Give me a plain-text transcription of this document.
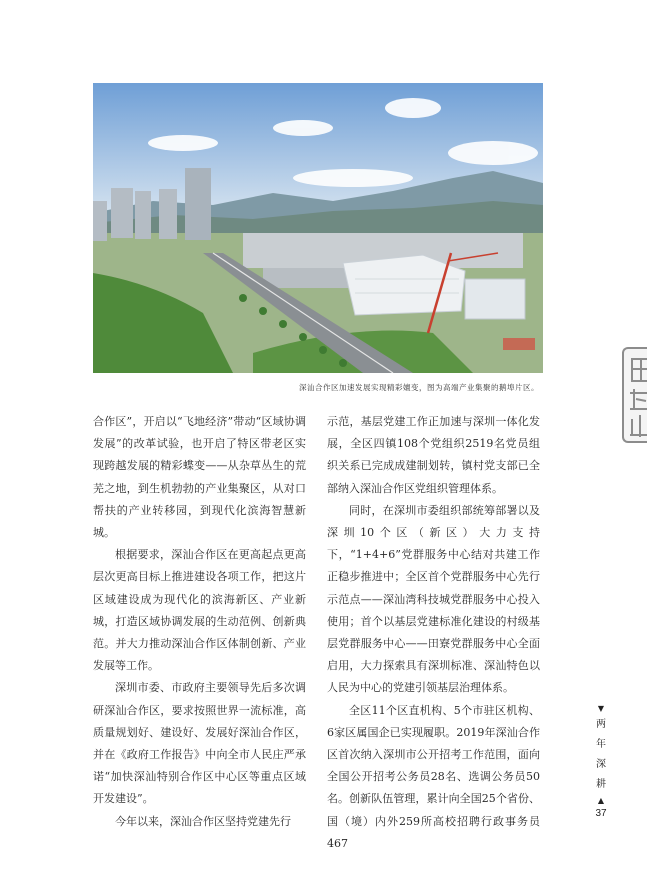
深汕合作区加速发展实现精彩嬗变，图为高端产业集聚的鹅埠片区。

合作区”，开启以“飞地经济”带动“区域协调发展”的改革试验，也开启了特区带老区实现跨越发展的精彩蝶变——从杂草丛生的荒芜之地，到生机勃勃的产业集聚区，从对口帮扶的产业转移园，到现代化滨海智慧新城。

根据要求，深汕合作区在更高起点更高层次更高目标上推进建设各项工作，把这片区域建设成为现代化的滨海新区、产业新城，打造区域协调发展的生动范例、创新典范。并大力推动深汕合作区体制创新、产业发展等工作。

深圳市委、市政府主要领导先后多次调研深汕合作区，要求按照世界一流标准，高质量规划好、建设好、发展好深汕合作区，并在《政府工作报告》中向全市人民庄严承诺“加快深汕特别合作区中心区等重点区域开发建设”。

今年以来，深汕合作区坚持党建先行

示范，基层党建工作正加速与深圳一体化发展，全区四镇108个党组织2519名党员组织关系已完成成建制划转，镇村党支部已全部纳入深汕合作区党组织管理体系。

同时，在深圳市委组织部统筹部署以及深圳10个区（新区）大力支持下，“1+4+6”党群服务中心结对共建工作正稳步推进中；全区首个党群服务中心先行示范点——深汕湾科技城党群服务中心投入使用；首个以基层党建标准化建设的村级基层党群服务中心——田寮党群服务中心全面启用，大力探索具有深圳标准、深汕特色以人民为中心的党建引领基层治理体系。

全区11个区直机构、5个市驻区机构、6家区属国企已实现履职。2019年深汕合作区首次纳入深圳市公开招考工作范围，面向全国公开招考公务员28名、选调公务员50名。创新队伍管理，累计向全国25个省份、国（境）内外259所高校招聘行政事务员467

▼
两
年
深
耕
▲
37
